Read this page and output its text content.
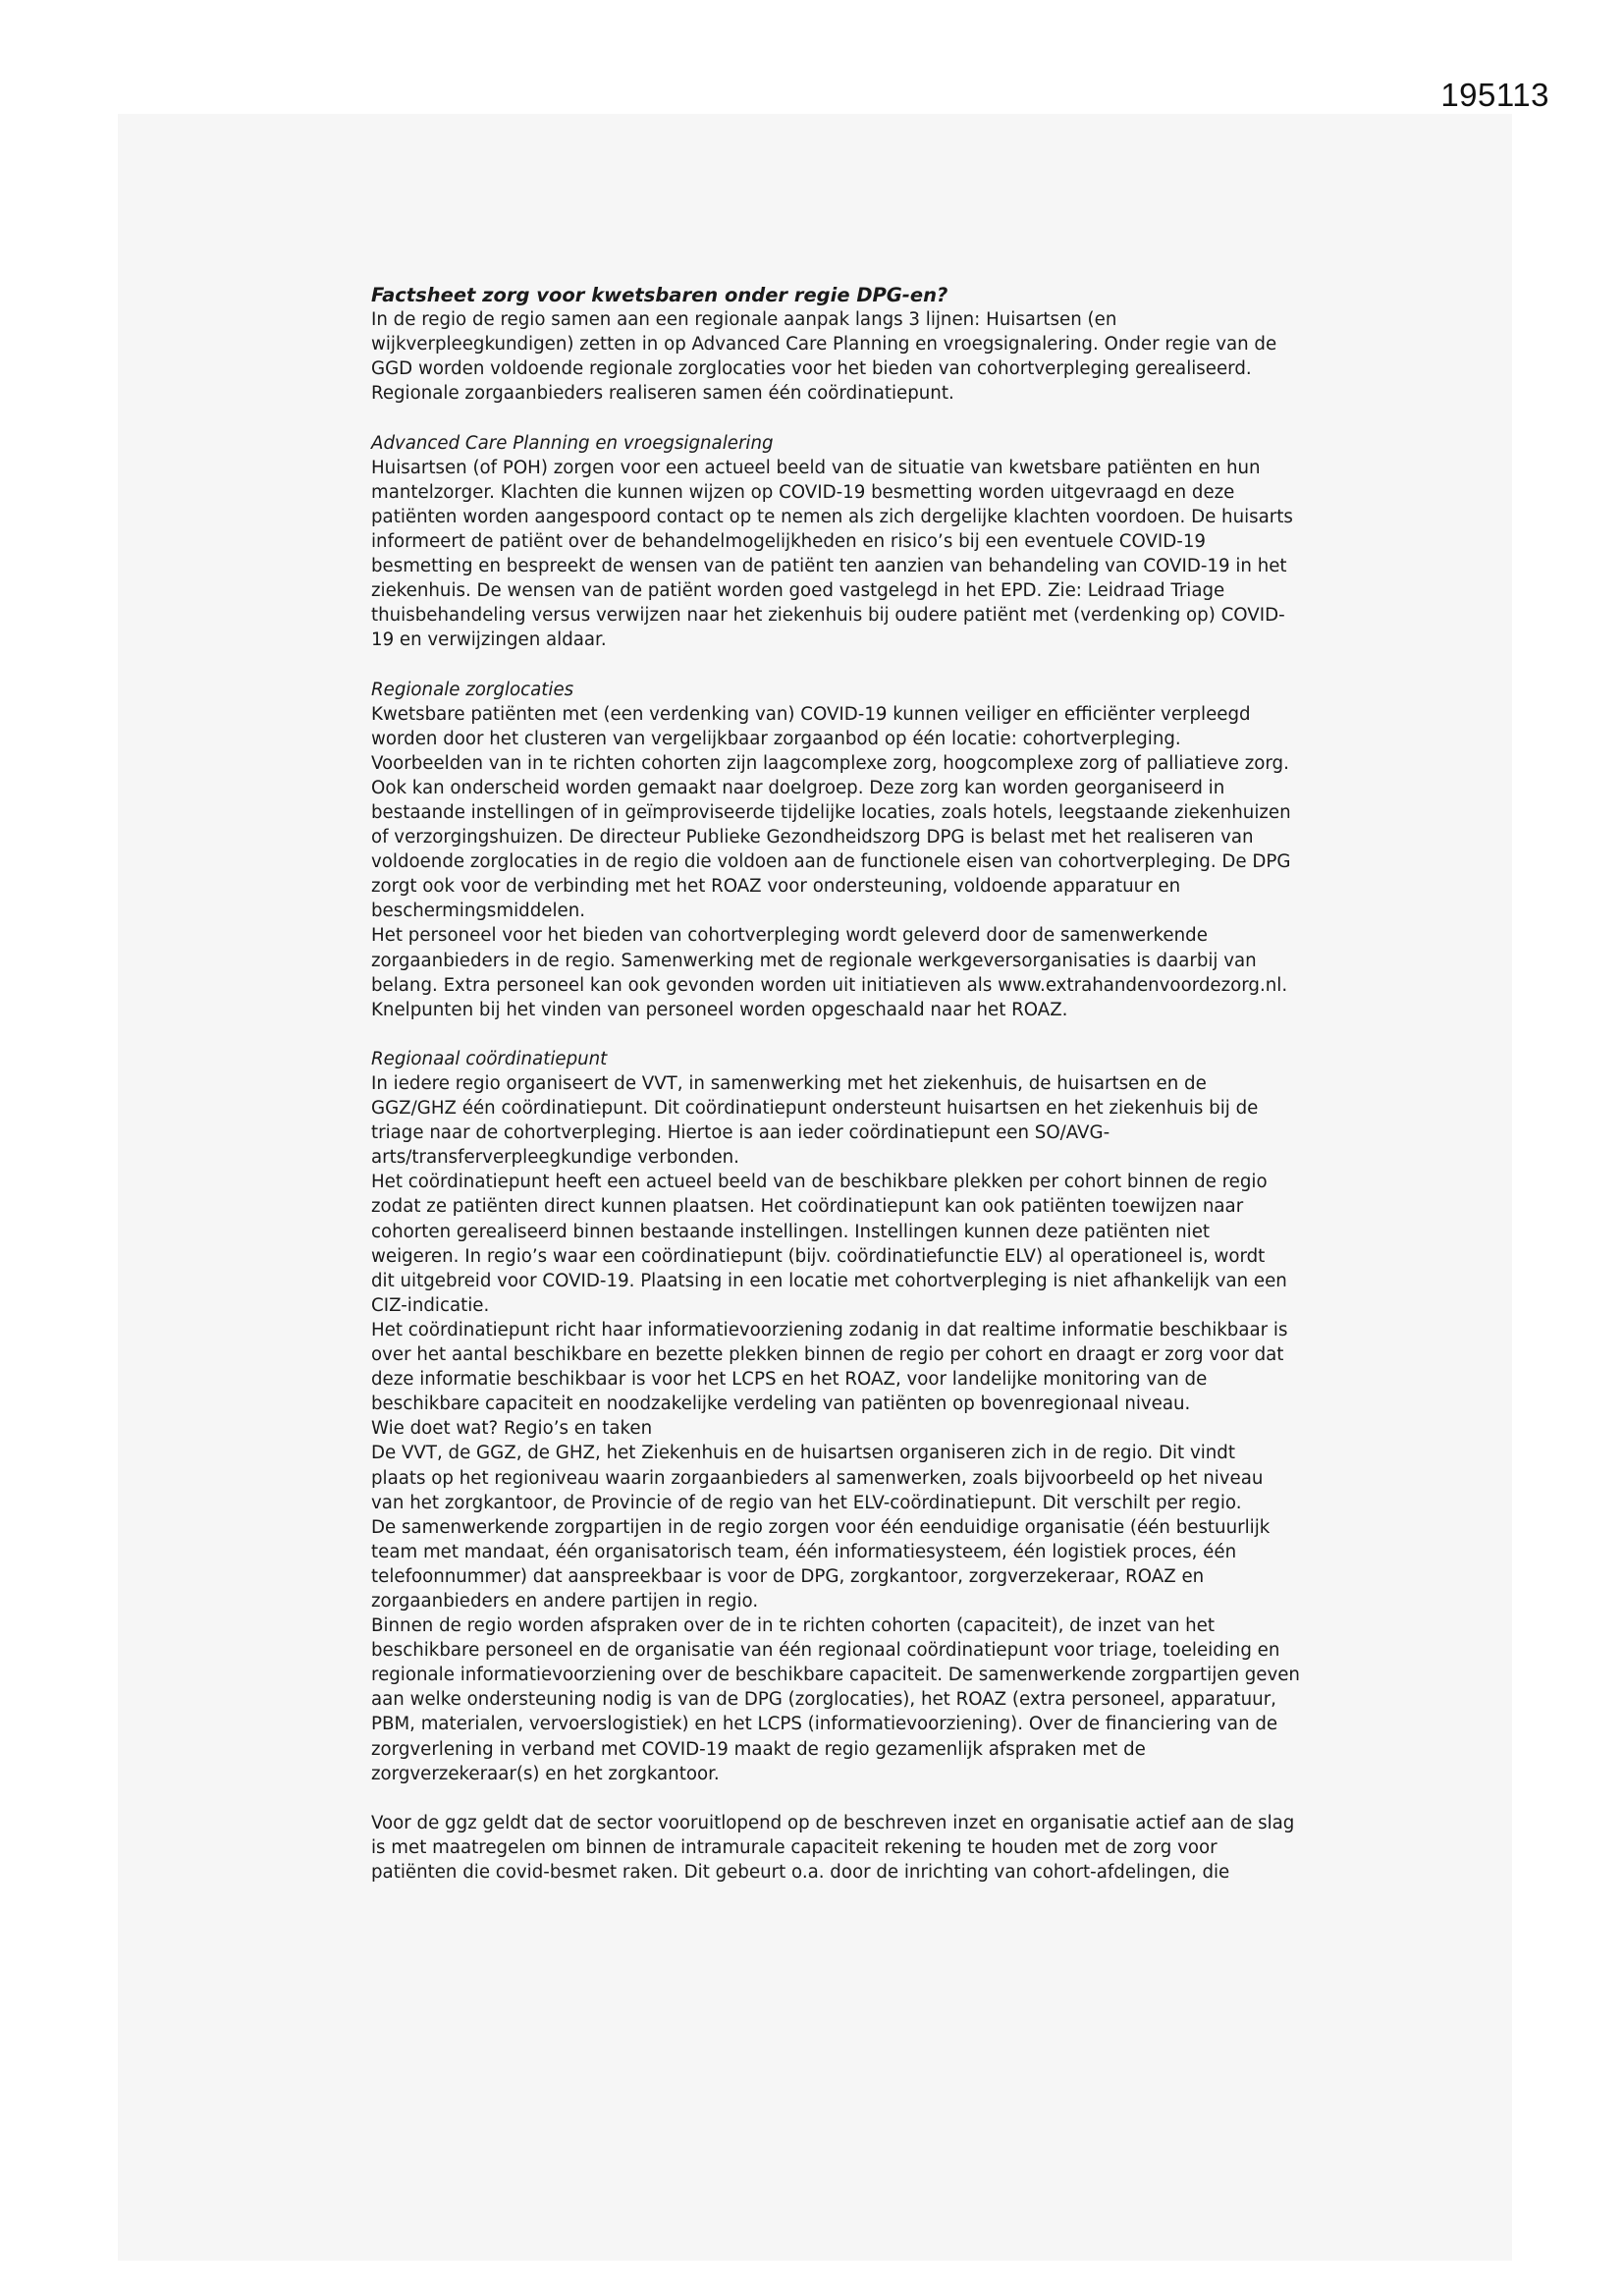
195113

Factsheet zorg voor kwetsbaren onder regie DPG-en?

In de regio de regio samen aan een regionale aanpak langs 3 lijnen: Huisartsen (en
wijkverpleegkundigen) zetten in op Advanced Care Planning en vroegsignalering. Onder regie van de
GGD worden voldoende regionale zorglocaties voor het bieden van cohortverpleging gerealiseerd.
Regionale zorgaanbieders realiseren samen één coördinatiepunt.

Advanced Care Planning en vroegsignalering

Huisartsen (of POH) zorgen voor een actueel beeld van de situatie van kwetsbare patiënten en hun
mantelzorger. Klachten die kunnen wijzen op COVID-19 besmetting worden uitgevraagd en deze
patiënten worden aangespoord contact op te nemen als zich dergelijke klachten voordoen. De huisarts
informeert de patiënt over de behandelmogelijkheden en risico’s bij een eventuele COVID-19
besmetting en bespreekt de wensen van de patiënt ten aanzien van behandeling van COVID-19 in het
ziekenhuis. De wensen van de patiënt worden goed vastgelegd in het EPD. Zie: Leidraad Triage
thuisbehandeling versus verwijzen naar het ziekenhuis bij oudere patiënt met (verdenking op) COVID-
19 en verwijzingen aldaar.

Regionale zorglocaties

Kwetsbare patiënten met (een verdenking van) COVID-19 kunnen veiliger en efficiënter verpleegd
worden door het clusteren van vergelijkbaar zorgaanbod op één locatie: cohortverpleging.
Voorbeelden van in te richten cohorten zijn laagcomplexe zorg, hoogcomplexe zorg of palliatieve zorg.
Ook kan onderscheid worden gemaakt naar doelgroep. Deze zorg kan worden georganiseerd in
bestaande instellingen of in geïmproviseerde tijdelijke locaties, zoals hotels, leegstaande ziekenhuizen
of verzorgingshuizen. De directeur Publieke Gezondheidszorg DPG is belast met het realiseren van
voldoende zorglocaties in de regio die voldoen aan de functionele eisen van cohortverpleging. De DPG
zorgt ook voor de verbinding met het ROAZ voor ondersteuning, voldoende apparatuur en
beschermingsmiddelen.
Het personeel voor het bieden van cohortverpleging wordt geleverd door de samenwerkende
zorgaanbieders in de regio. Samenwerking met de regionale werkgeversorganisaties is daarbij van
belang. Extra personeel kan ook gevonden worden uit initiatieven als www.extrahandenvoordezorg.nl.
Knelpunten bij het vinden van personeel worden opgeschaald naar het ROAZ.

Regionaal coördinatiepunt

In iedere regio organiseert de VVT, in samenwerking met het ziekenhuis, de huisartsen en de
GGZ/GHZ één coördinatiepunt. Dit coördinatiepunt ondersteunt huisartsen en het ziekenhuis bij de
triage naar de cohortverpleging. Hiertoe is aan ieder coördinatiepunt een SO/AVG-
arts/transferverpleegkundige verbonden.
Het coördinatiepunt heeft een actueel beeld van de beschikbare plekken per cohort binnen de regio
zodat ze patiënten direct kunnen plaatsen. Het coördinatiepunt kan ook patiënten toewijzen naar
cohorten gerealiseerd binnen bestaande instellingen. Instellingen kunnen deze patiënten niet
weigeren. In regio’s waar een coördinatiepunt (bijv. coördinatiefunctie ELV) al operationeel is, wordt
dit uitgebreid voor COVID-19. Plaatsing in een locatie met cohortverpleging is niet afhankelijk van een
CIZ-indicatie.
Het coördinatiepunt richt haar informatievoorziening zodanig in dat realtime informatie beschikbaar is
over het aantal beschikbare en bezette plekken binnen de regio per cohort en draagt er zorg voor dat
deze informatie beschikbaar is voor het LCPS en het ROAZ, voor landelijke monitoring van de
beschikbare capaciteit en noodzakelijke verdeling van patiënten op bovenregionaal niveau.
Wie doet wat? Regio’s en taken
De VVT, de GGZ, de GHZ, het Ziekenhuis en de huisartsen organiseren zich in de regio. Dit vindt
plaats op het regioniveau waarin zorgaanbieders al samenwerken, zoals bijvoorbeeld op het niveau
van het zorgkantoor, de Provincie of de regio van het ELV-coördinatiepunt. Dit verschilt per regio.
De samenwerkende zorgpartijen in de regio zorgen voor één eenduidige organisatie (één bestuurlijk
team met mandaat, één organisatorisch team, één informatiesysteem, één logistiek proces, één
telefoonnummer) dat aanspreekbaar is voor de DPG, zorgkantoor, zorgverzekeraar, ROAZ en
zorgaanbieders en andere partijen in regio.
Binnen de regio worden afspraken over de in te richten cohorten (capaciteit), de inzet van het
beschikbare personeel en de organisatie van één regionaal coördinatiepunt voor triage, toeleiding en
regionale informatievoorziening over de beschikbare capaciteit. De samenwerkende zorgpartijen geven
aan welke ondersteuning nodig is van de DPG (zorglocaties), het ROAZ (extra personeel, apparatuur,
PBM, materialen, vervoerslogistiek) en het LCPS (informatievoorziening). Over de financiering van de
zorgverlening in verband met COVID-19 maakt de regio gezamenlijk afspraken met de
zorgverzekeraar(s) en het zorgkantoor.
Voor de ggz geldt dat de sector vooruitlopend op de beschreven inzet en organisatie actief aan de slag
is met maatregelen om binnen de intramurale capaciteit rekening te houden met de zorg voor
patiënten die covid-besmet raken. Dit gebeurt o.a. door de inrichting van cohort-afdelingen, die
